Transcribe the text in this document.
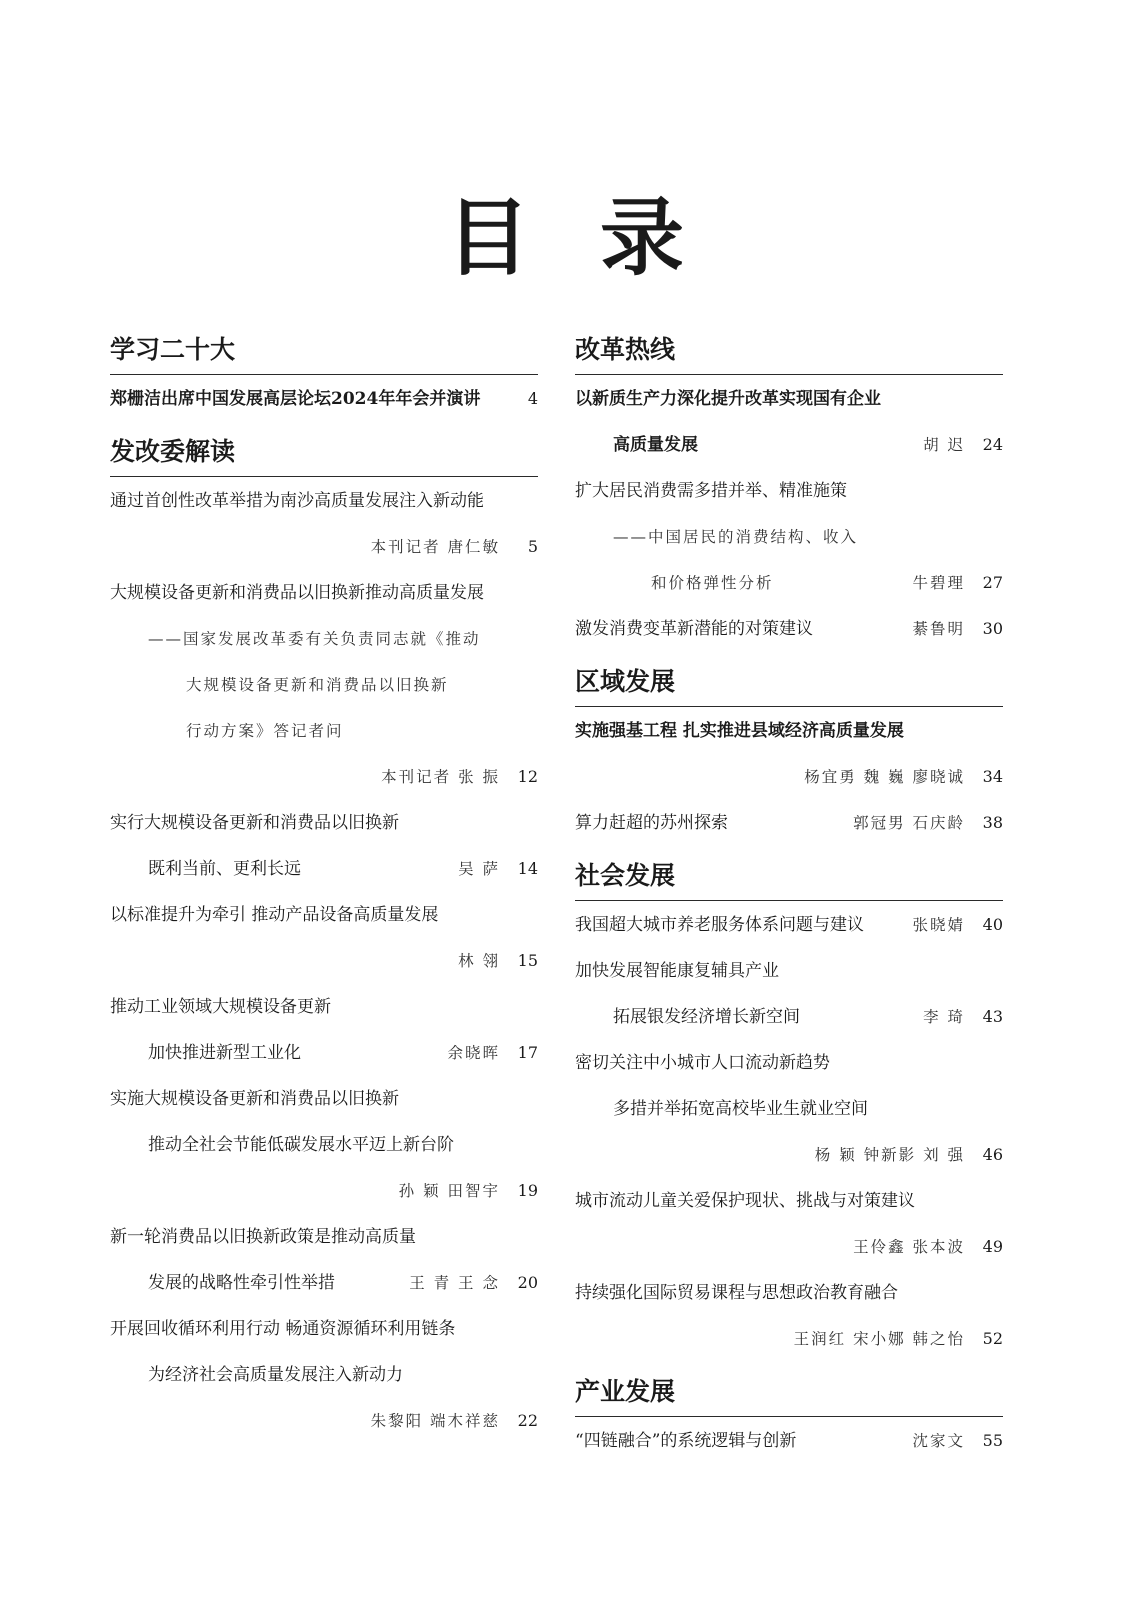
目 录
学习二十大
郑栅洁出席中国发展高层论坛2024年年会并演讲	4
发改委解读
通过首创性改革举措为南沙高质量发展注入新动能
本刊记者 唐仁敏	5
大规模设备更新和消费品以旧换新推动高质量发展
——国家发展改革委有关负责同志就《推动
大规模设备更新和消费品以旧换新
行动方案》答记者问
本刊记者 张 振	12
实行大规模设备更新和消费品以旧换新
既利当前、更利长远	吴 萨	14
以标准提升为牵引 推动产品设备高质量发展
林 翎	15
推动工业领域大规模设备更新
加快推进新型工业化	余晓晖	17
实施大规模设备更新和消费品以旧换新
推动全社会节能低碳发展水平迈上新台阶
孙 颖 田智宇	19
新一轮消费品以旧换新政策是推动高质量
发展的战略性牵引性举措	王 青 王 念	20
开展回收循环利用行动 畅通资源循环利用链条
为经济社会高质量发展注入新动力
朱黎阳 端木祥慈	22
改革热线
以新质生产力深化提升改革实现国有企业
高质量发展	胡 迟	24
扩大居民消费需多措并举、精准施策
——中国居民的消费结构、收入
和价格弹性分析	牛碧理	27
激发消费变革新潜能的对策建议	綦鲁明	30
区域发展
实施强基工程 扎实推进县域经济高质量发展
杨宜勇 魏 巍 廖晓诚	34
算力赶超的苏州探索	郭冠男 石庆龄	38
社会发展
我国超大城市养老服务体系问题与建议	张晓婧	40
加快发展智能康复辅具产业
拓展银发经济增长新空间	李 琦	43
密切关注中小城市人口流动新趋势
多措并举拓宽高校毕业生就业空间
杨 颖 钟新影 刘 强	46
城市流动儿童关爱保护现状、挑战与对策建议
王伶鑫 张本波	49
持续强化国际贸易课程与思想政治教育融合
王润红 宋小娜 韩之怡	52
产业发展
“四链融合”的系统逻辑与创新	沈家文	55
